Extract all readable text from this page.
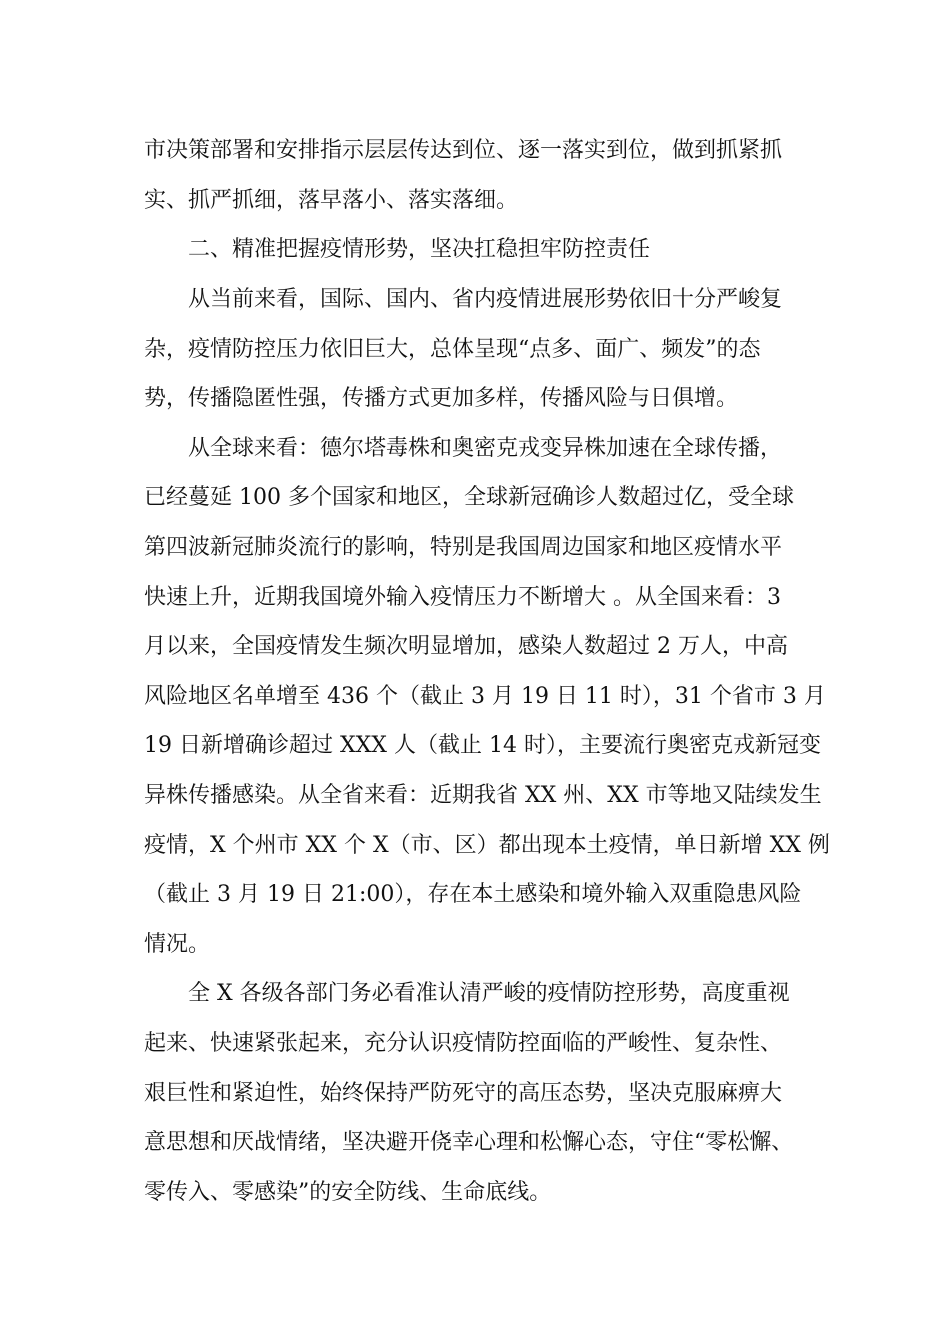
市决策部署和安排指示层层传达到位、逐一落实到位，做到抓紧抓
实、抓严抓细，落早落小、落实落细。
二、精准把握疫情形势，坚决扛稳担牢防控责任
从当前来看，国际、国内、省内疫情进展形势依旧十分严峻复
杂，疫情防控压力依旧巨大，总体呈现“点多、面广、频发”的态
势，传播隐匿性强，传播方式更加多样，传播风险与日俱增。
从全球来看：德尔塔毒株和奥密克戎变异株加速在全球传播，
已经蔓延 100 多个国家和地区，全球新冠确诊人数超过亿，受全球
第四波新冠肺炎流行的影响，特别是我国周边国家和地区疫情水平
快速上升，近期我国境外输入疫情压力不断增大 。从全国来看：3
月以来，全国疫情发生频次明显增加，感染人数超过 2 万人，中高
风险地区名单增至 436 个（截止 3 月 19 日 11 时），31 个省市 3 月
19 日新增确诊超过 XXX 人（截止 14 时），主要流行奥密克戎新冠变
异株传播感染。从全省来看：近期我省 XX 州、XX 市等地又陆续发生
疫情，X 个州市 XX 个 X（市、区）都出现本土疫情，单日新增 XX 例
（截止 3 月 19 日 21:00），存在本土感染和境外输入双重隐患风险
情况。
全 X 各级各部门务必看准认清严峻的疫情防控形势，高度重视
起来、快速紧张起来，充分认识疫情防控面临的严峻性、复杂性、
艰巨性和紧迫性，始终保持严防死守的高压态势，坚决克服麻痹大
意思想和厌战情绪，坚决避开侥幸心理和松懈心态，守住“零松懈、
零传入、零感染”的安全防线、生命底线。
